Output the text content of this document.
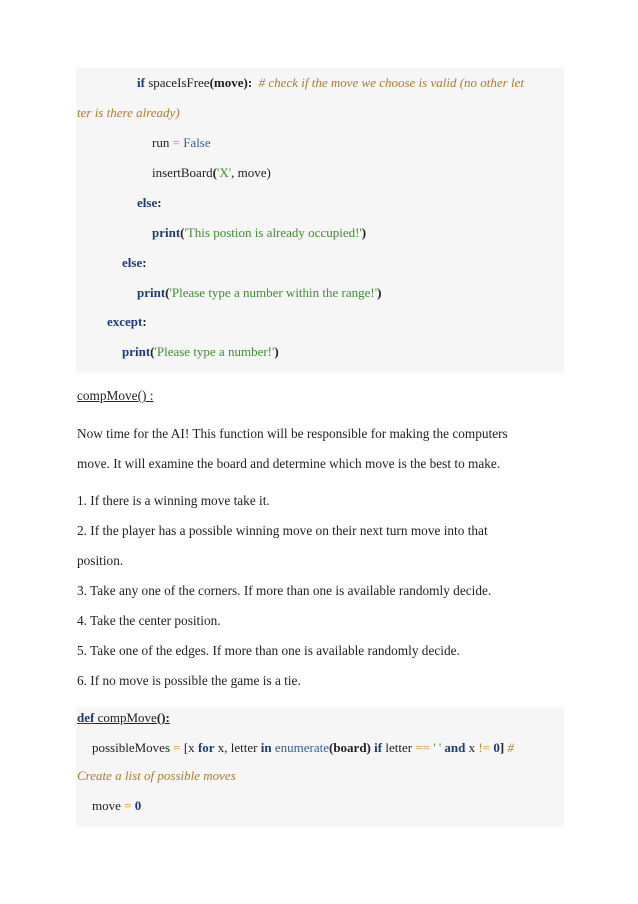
if spaceIsFree(move): # check if the move we choose is valid (no other let
ter is there already)
run = False
insertBoard('X', move)
else:
print('This postion is already occupied!')
else:
print('Please type a number within the range!')
except:
print('Please type a number!')
compMove() :
Now time for the AI! This function will be responsible for making the computers
move. It will examine the board and determine which move is the best to make.
1. If there is a winning move take it.
2. If the player has a possible winning move on their next turn move into that
position.
3. Take any one of the corners. If more than one is available randomly decide.
4. Take the center position.
5. Take one of the edges. If more than one is available randomly decide.
6. If no move is possible the game is a tie.
def compMove():
possibleMoves = [x for x, letter in enumerate(board) if letter == ' ' and x != 0] #
Create a list of possible moves
move = 0
